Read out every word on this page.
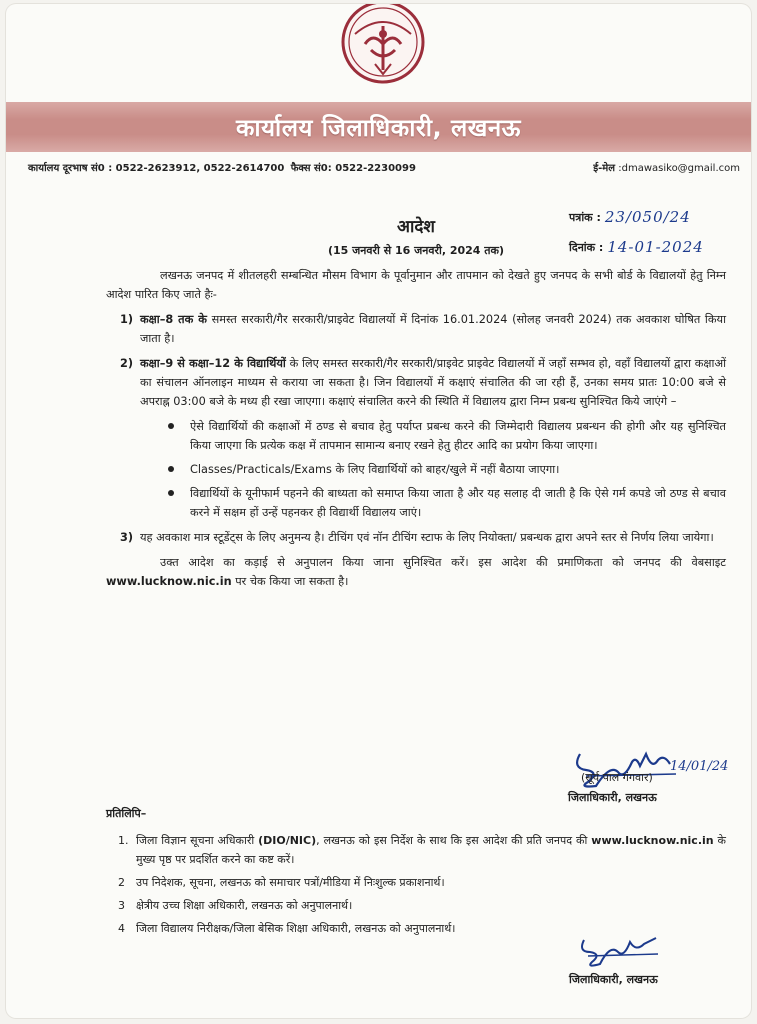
कार्यालय जिलाधिकारी, लखनऊ
कार्यालय दूरभाष सं0 : 0522-2623912, 0522-2614700 फैक्स सं0: 0522-2230099	ई-मेल :dmawasiko@gmail.com
आदेश
(15 जनवरी से 16 जनवरी, 2024 तक)
पत्रांक : 23/050/24
दिनांक : 14-01-2024

लखनऊ जनपद में शीतलहरी सम्बन्धित मौसम विभाग के पूर्वानुमान और तापमान को देखते हुए जनपद के सभी बोर्ड के विद्यालयों हेतु निम्न आदेश पारित किए जाते हैः-

1) कक्षा–8 तक के समस्त सरकारी/गैर सरकारी/प्राइवेट विद्यालयों में दिनांक 16.01.2024 (सोलह जनवरी 2024) तक अवकाश घोषित किया जाता है।
2) कक्षा–9 से कक्षा–12 के विद्यार्थियों के लिए समस्त सरकारी/गैर सरकारी/प्राइवेट प्राइवेट विद्यालयों में जहाँ सम्भव हो, वहाँ विद्यालयों द्वारा कक्षाओं का संचालन ऑनलाइन माध्यम से कराया जा सकता है। जिन विद्यालयों में कक्षाएं संचालित की जा रही हैं, उनका समय प्रातः 10:00 बजे से अपराह्न 03:00 बजे के मध्य ही रखा जाएगा। कक्षाएं संचालित करने की स्थिति में विद्यालय द्वारा निम्न प्रबन्ध सुनिश्चित किये जाएंगे –
ऐसे विद्यार्थियों की कक्षाओं में ठण्ड से बचाव हेतु पर्याप्त प्रबन्ध करने की जिम्मेदारी विद्यालय प्रबन्धन की होगी और यह सुनिश्चित किया जाएगा कि प्रत्येक कक्ष में तापमान सामान्य बनाए रखने हेतु हीटर आदि का प्रयोग किया जाएगा।
Classes/Practicals/Exams के लिए विद्यार्थियों को बाहर/खुले में नहीं बैठाया जाएगा।
विद्यार्थियों के यूनीफार्म पहनने की बाध्यता को समाप्त किया जाता है और यह सलाह दी जाती है कि ऐसे गर्म कपडे जो ठण्ड से बचाव करने में सक्षम हों उन्हें पहनकर ही विद्यार्थी विद्यालय जाएं।
3) यह अवकाश मात्र स्टूडेंट्स के लिए अनुमन्य है। टीचिंग एवं नॉन टीचिंग स्टाफ के लिए नियोक्ता/ प्रबन्धक द्वारा अपने स्तर से निर्णय लिया जायेगा।

उक्त आदेश का कड़ाई से अनुपालन किया जाना सुनिश्चित करें। इस आदेश की प्रमाणिकता को जनपद की वेबसाइट www.lucknow.nic.in पर चेक किया जा सकता है।

14/01/24
(सूर्य पाल गंगवार)
जिलाधिकारी, लखनऊ
प्रतिलिपि–
1. जिला विज्ञान सूचना अधिकारी (DIO/NIC), लखनऊ को इस निर्देश के साथ कि इस आदेश की प्रति जनपद की www.lucknow.nic.in के मुख्य पृष्ठ पर प्रदर्शित करने का कष्ट करें।
2 उप निदेशक, सूचना, लखनऊ को समाचार पत्रों/मीडिया में निःशुल्क प्रकाशनार्थ।
3 क्षेत्रीय उच्च शिक्षा अधिकारी, लखनऊ को अनुपालनार्थ।
4 जिला विद्यालय निरीक्षक/जिला बेसिक शिक्षा अधिकारी, लखनऊ को अनुपालनार्थ।
जिलाधिकारी, लखनऊ
